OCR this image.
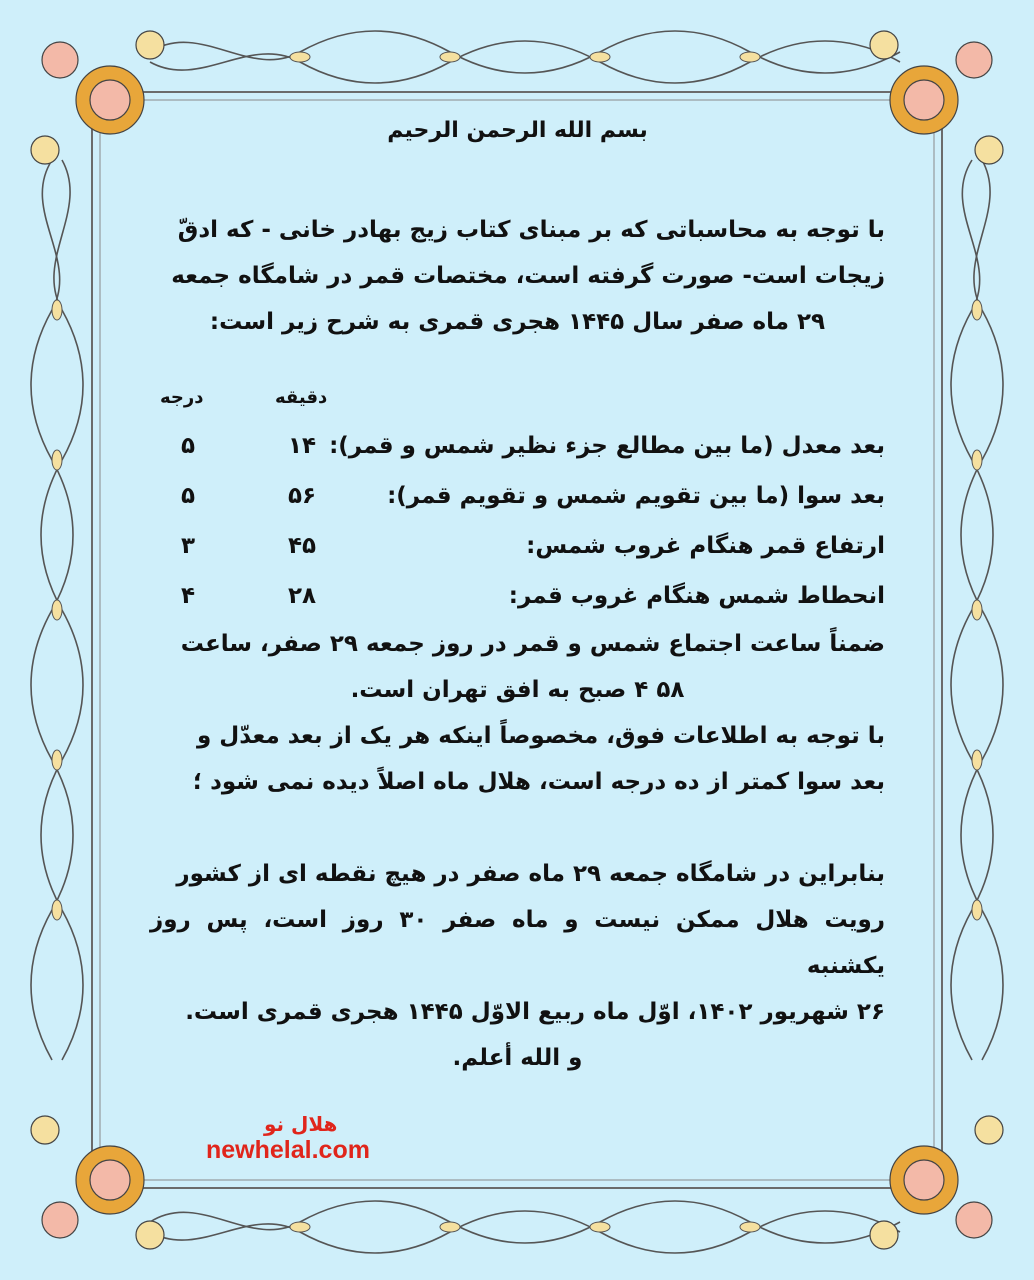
بسم الله الرحمن الرحیم
با توجه به محاسباتی که بر مبنای کتاب زیج بهادر خانی - که ادقّ
زیجات است- صورت گرفته است، مختصات قمر در شامگاه جمعه
۲۹ ماه صفر سال ۱۴۴۵ هجری قمری به شرح زیر است:
دقیقه
درجه
بعد معدل (ما بین مطالع جزء نظیر شمس و قمر):
۱۴
۵
بعد سوا (ما بین تقویم شمس و تقویم قمر):
۵۶
۵
ارتفاع قمر هنگام غروب شمس:
۴۵
۳
انحطاط شمس هنگام غروب قمر:
۲۸
۴
ضمناً ساعت اجتماع شمس و قمر در روز جمعه ۲۹ صفر، ساعت
۵۸ ۴ صبح به افق تهران است.
با توجه به اطلاعات فوق، مخصوصاً اینکه هر یک از بعد معدّل و
بعد سوا کمتر از ده درجه است، هلال ماه اصلاً دیده نمی شود ؛
بنابراین در شامگاه جمعه ۲۹ ماه صفر در هیچ نقطه ای از کشور
رویت هلال ممکن نیست و ماه صفر ۳۰ روز است، پس روز یکشنبه
۲۶ شهریور ۱۴۰۲، اوّل ماه ربیع الاوّل ۱۴۴۵ هجری قمری است.
و الله أعلم.
هلال نو
newhelal.com
